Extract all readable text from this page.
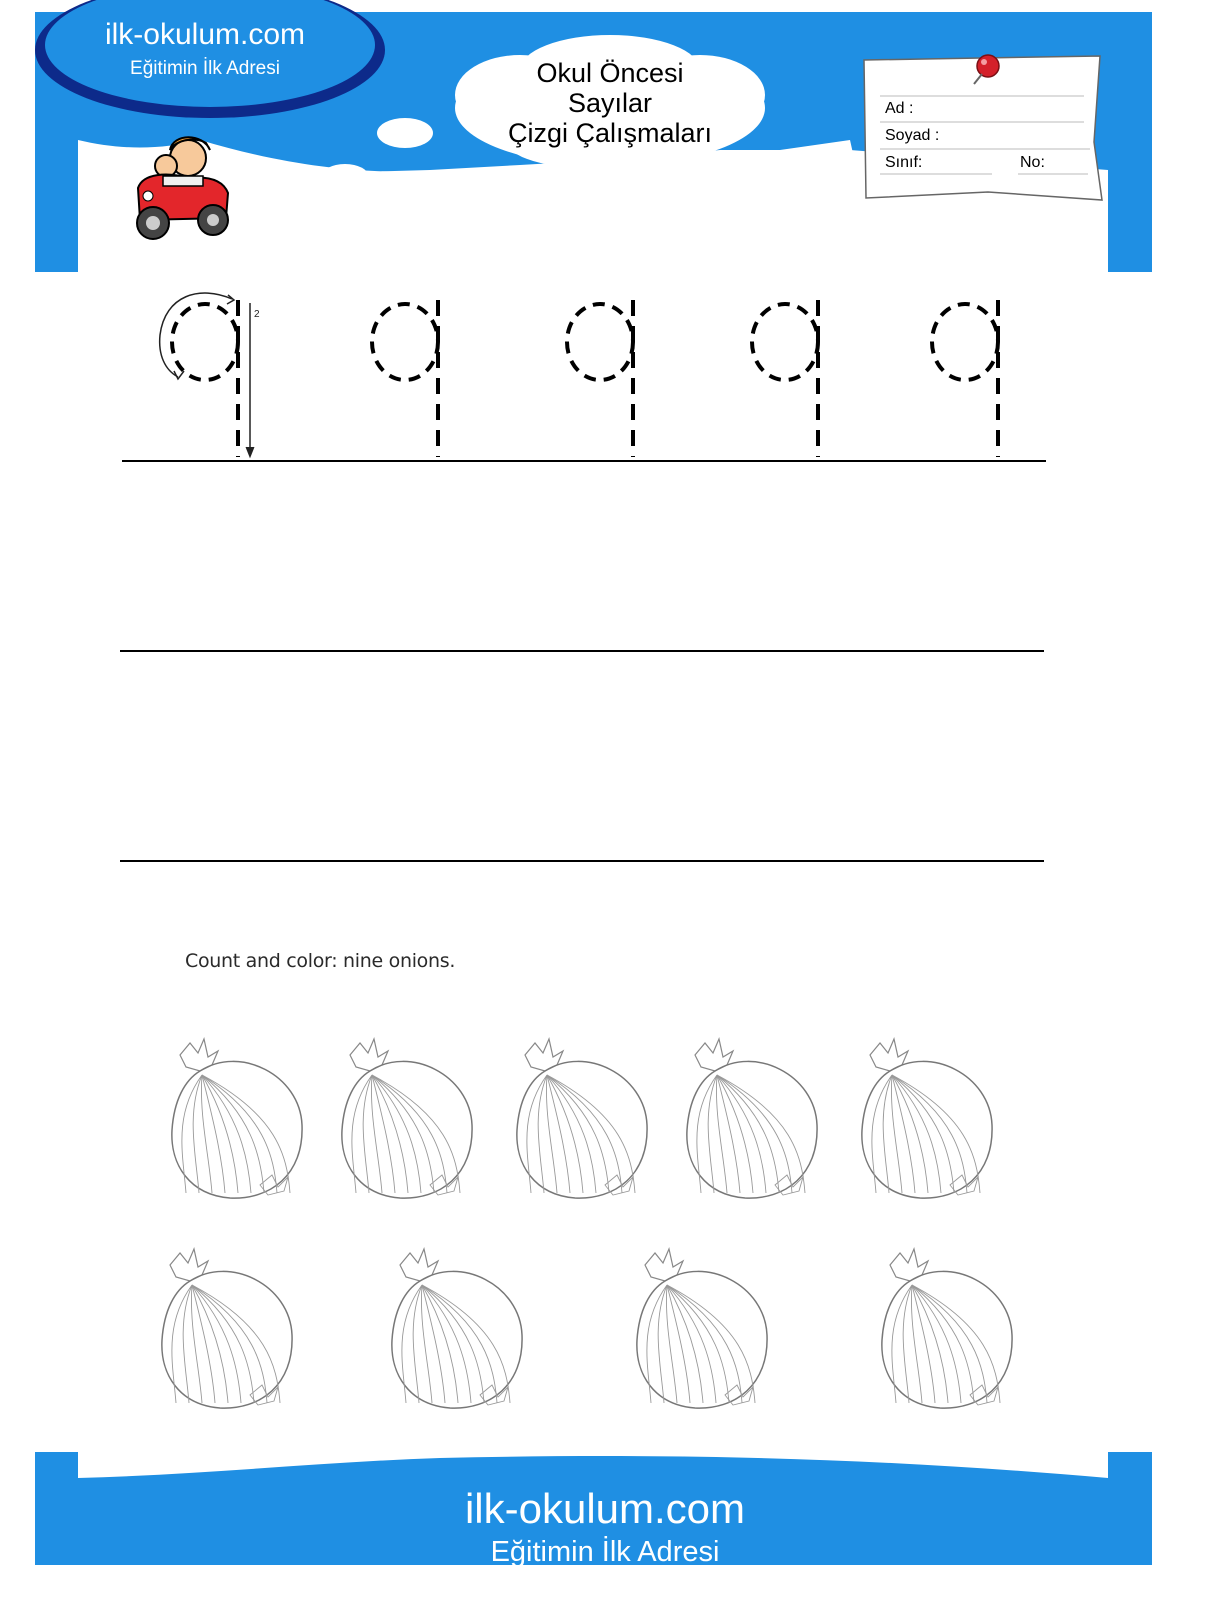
ilk-okulum.com
Eğitimin İlk Adresi	Okul Öncesi
Sayılar
Çizgi Çalışmaları
Ad :
Soyad :
Sınıf:	No:
2
Count and color: nine onions.
ilk-okulum.com
Eğitimin İlk Adresi
